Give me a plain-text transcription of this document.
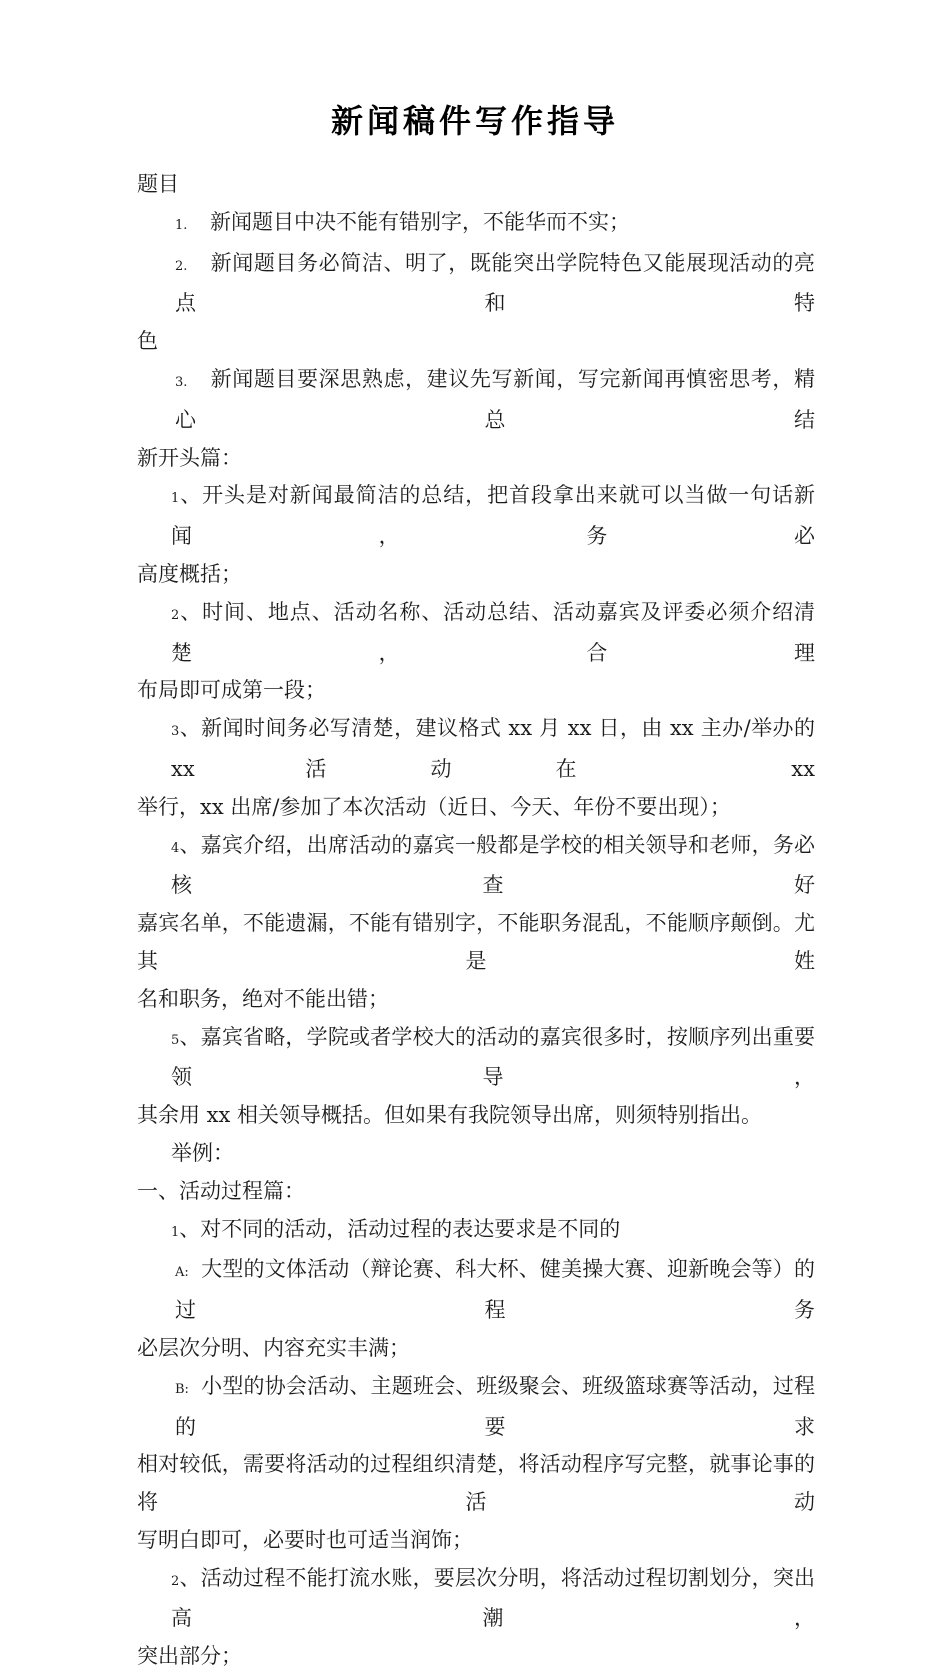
新闻稿件写作指导
题目
1. 新闻题目中决不能有错别字，不能华而不实；
2. 新闻题目务必简洁、明了，既能突出学院特色又能展现活动的亮点和特
色
3. 新闻题目要深思熟虑，建议先写新闻，写完新闻再慎密思考，精心总结
新开头篇：
1、开头是对新闻最简洁的总结，把首段拿出来就可以当做一句话新闻，务必
高度概括；
2、时间、地点、活动名称、活动总结、活动嘉宾及评委必须介绍清楚，合理
布局即可成第一段；
3、新闻时间务必写清楚，建议格式 xx 月 xx 日，由 xx 主办/举办的 xx 活动在 xx
举行，xx 出席/参加了本次活动（近日、今天、年份不要出现）；
4、嘉宾介绍，出席活动的嘉宾一般都是学校的相关领导和老师，务必核查好
嘉宾名单，不能遗漏，不能有错别字，不能职务混乱，不能顺序颠倒。尤其是姓
名和职务，绝对不能出错；
5、嘉宾省略，学院或者学校大的活动的嘉宾很多时，按顺序列出重要领导，
其余用 xx 相关领导概括。但如果有我院领导出席，则须特别指出。
举例：
一、活动过程篇：
1、对不同的活动，活动过程的表达要求是不同的
A: 大型的文体活动（辩论赛、科大杯、健美操大赛、迎新晚会等）的过程务
必层次分明、内容充实丰满；
B: 小型的协会活动、主题班会、班级聚会、班级篮球赛等活动，过程的要求
相对较低，需要将活动的过程组织清楚，将活动程序写完整，就事论事的将活动
写明白即可，必要时也可适当润饰；
2、活动过程不能打流水账，要层次分明，将活动过程切割划分，突出高潮，
突出部分；
